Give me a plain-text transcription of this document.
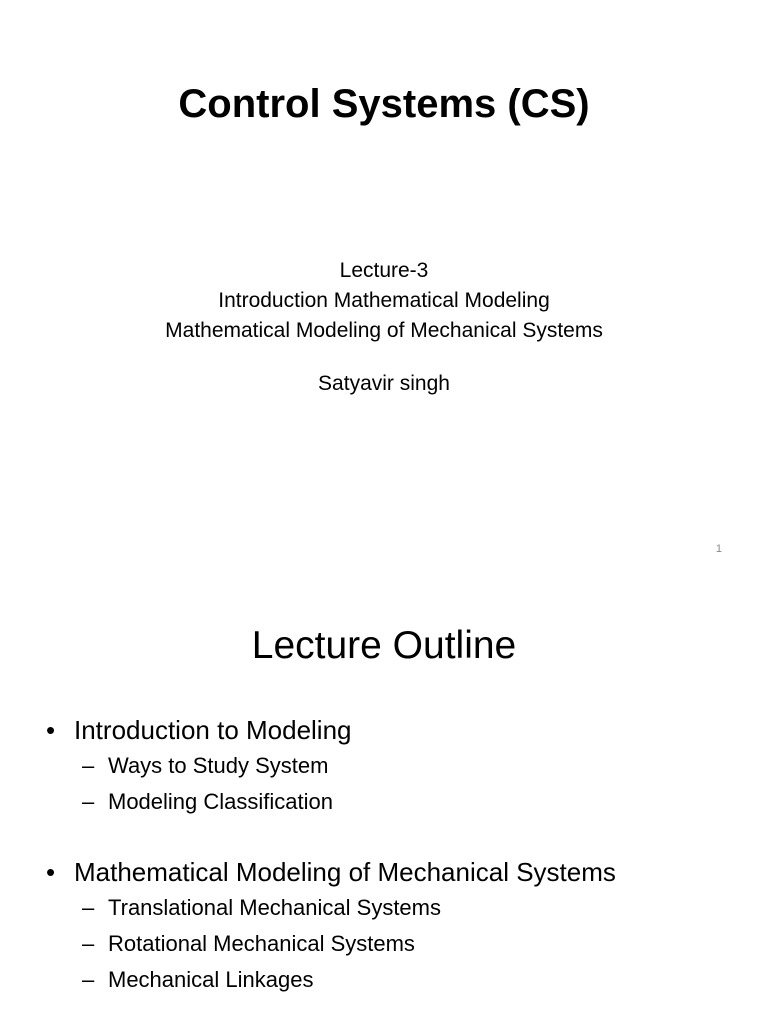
Control Systems (CS)
Lecture-3
Introduction Mathematical Modeling
Mathematical Modeling of Mechanical Systems
Satyavir singh
1
Lecture Outline
• Introduction to Modeling
– Ways to Study System
– Modeling Classification
• Mathematical Modeling of Mechanical Systems
– Translational Mechanical Systems
– Rotational Mechanical Systems
– Mechanical Linkages
